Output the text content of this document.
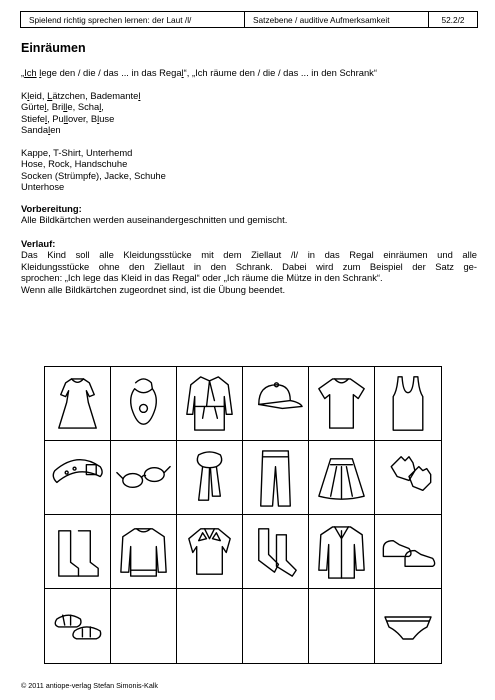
Spielend richtig sprechen lernen: der Laut /l/	Satzebene / auditive Aufmerksamkeit	52.2/2
Einräumen
„Ich lege den / die / das ... in das Regal“, „Ich räume den / die / das ... in den Schrank“
Kleid, Lätzchen, Bademantel
Gürtel, Brille, Schal,
Stiefel, Pullover, Bluse
Sandalen
Kappe, T-Shirt, Unterhemd
Hose, Rock, Handschuhe
Socken (Strümpfe), Jacke, Schuhe
Unterhose
Vorbereitung:
Alle Bildkärtchen werden auseinandergeschnitten und gemischt.
Verlauf:
Das Kind soll alle Kleidungsstücke mit dem Ziellaut /l/ in das Regal einräumen und alle
Kleidungsstücke ohne den Ziellaut in den Schrank. Dabei wird zum Beispiel der Satz ge-
sprochen: „Ich lege das Kleid in das Regal“ oder „Ich räume die Mütze in den Schrank“.
Wenn alle Bildkärtchen zugeordnet sind, ist die Übung beendet.
© 2011 antiope-verlag Stefan Simonis-Kalk
